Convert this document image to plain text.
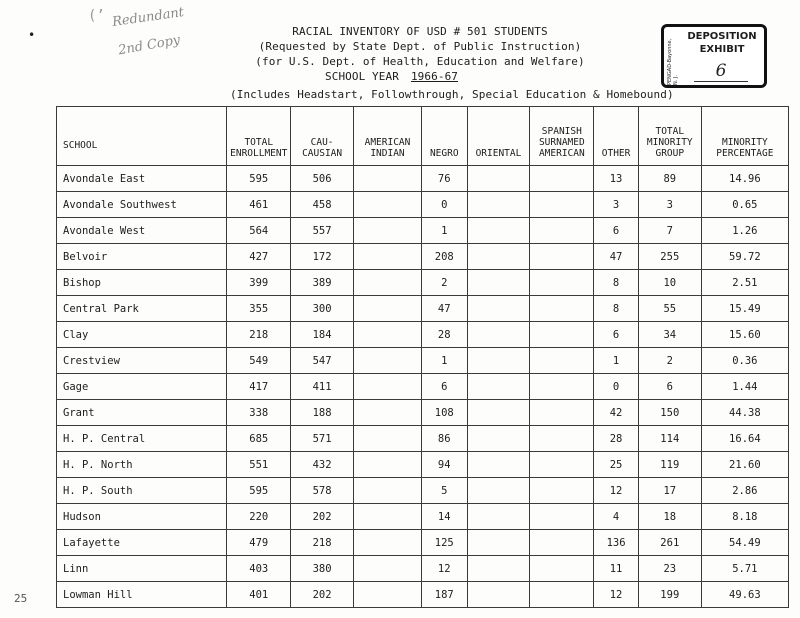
(’
•
Redundant
2nd Copy
25
RACIAL INVENTORY OF USD # 501 STUDENTS
(Requested by State Dept. of Public Instruction)
(for U.S. Dept. of Health, Education and Welfare)
SCHOOL YEAR 1966-67
(Includes Headstart, Followthrough, Special Education & Homebound)
PENGAD-Bayonne, N. J.
DEPOSITION
EXHIBIT
6
SCHOOL	TOTAL ENROLLMENT	CAU-CAUSIAN	AMERICAN INDIAN	NEGRO	ORIENTAL	SPANISH SURNAMED AMERICAN	OTHER	TOTAL MINORITY GROUP	MINORITY PERCENTAGE
Avondale East	595	506		76			13	89	14.96
Avondale Southwest	461	458		0			3	3	0.65
Avondale West	564	557		1			6	7	1.26
Belvoir	427	172		208			47	255	59.72
Bishop	399	389		2			8	10	2.51
Central Park	355	300		47			8	55	15.49
Clay	218	184		28			6	34	15.60
Crestview	549	547		1			1	2	0.36
Gage	417	411		6			0	6	1.44
Grant	338	188		108			42	150	44.38
H. P. Central	685	571		86			28	114	16.64
H. P. North	551	432		94			25	119	21.60
H. P. South	595	578		5			12	17	2.86
Hudson	220	202		14			4	18	8.18
Lafayette	479	218		125			136	261	54.49
Linn	403	380		12			11	23	5.71
Lowman Hill	401	202		187			12	199	49.63
